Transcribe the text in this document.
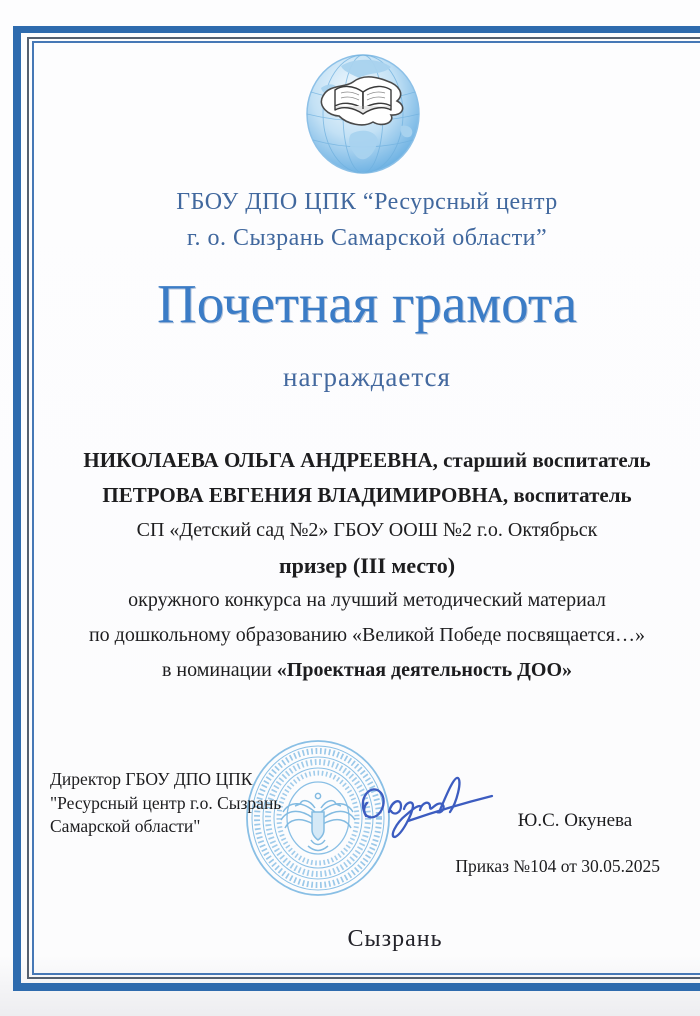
ГБОУ ДПО ЦПК “Ресурсный центр
г. о. Сызрань Самарской области”
Почетная грамота
награждается
НИКОЛАЕВА ОЛЬГА АНДРЕЕВНА, старший воспитатель
ПЕТРОВА ЕВГЕНИЯ ВЛАДИМИРОВНА, воспитатель
СП «Детский сад №2» ГБОУ ООШ №2 г.о. Октябрьск
призер (III место)
окружного конкурса на лучший методический материал
по дошкольному образованию «Великой Победе посвящается…»
в номинации «Проектная деятельность ДОО»
Директор ГБОУ ДПО ЦПК
"Ресурсный центр г.о. Сызрань
Самарской области"	Ю.С. Окунева
Приказ №104 от 30.05.2025
Сызрань
